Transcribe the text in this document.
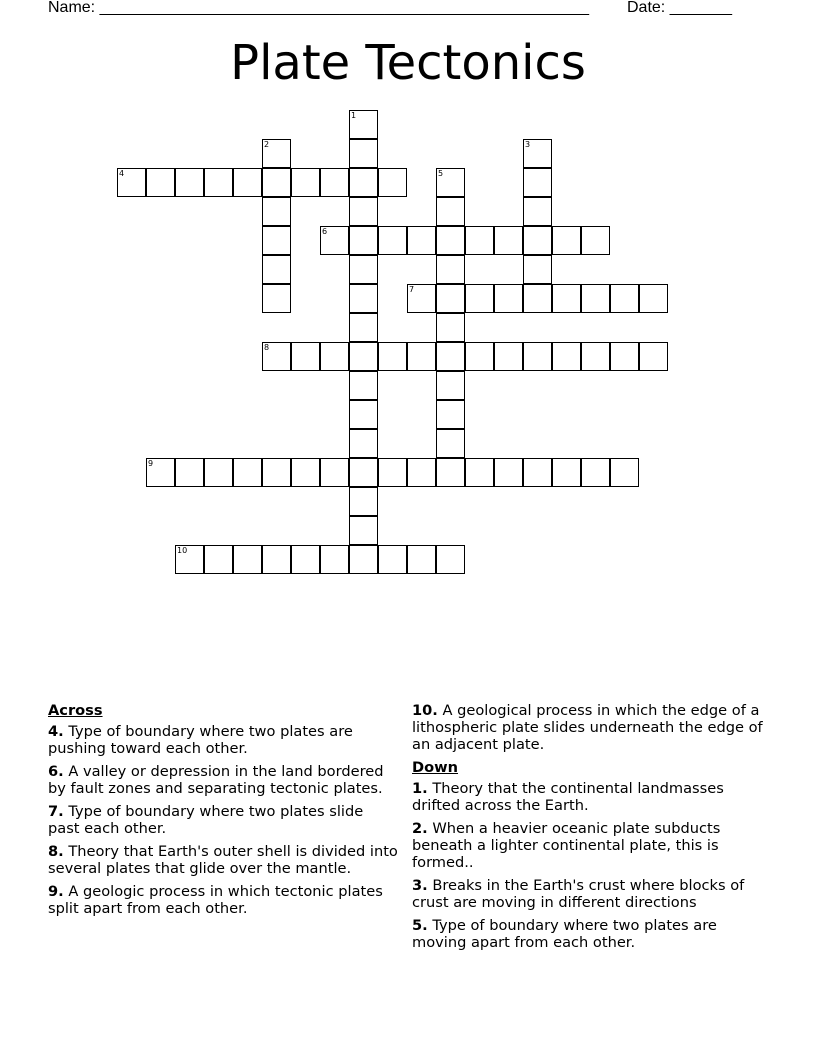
Name: _______________________________________________________ Date: _______
Plate Tectonics
1
2	3
4	5
6
7
8
9
10
Across
4. Type of boundary where two plates are pushing toward each other.
6. A valley or depression in the land bordered by fault zones and separating tectonic plates.
7. Type of boundary where two plates slide past each other.
8. Theory that Earth's outer shell is divided into several plates that glide over the mantle.
9. A geologic process in which tectonic plates split apart from each other.
10. A geological process in which the edge of a lithospheric plate slides underneath the edge of an adjacent plate.
Down
1. Theory that the continental landmasses drifted across the Earth.
2. When a heavier oceanic plate subducts beneath a lighter continental plate, this is formed..
3. Breaks in the Earth's crust where blocks of crust are moving in different directions
5. Type of boundary where two plates are moving apart from each other.
